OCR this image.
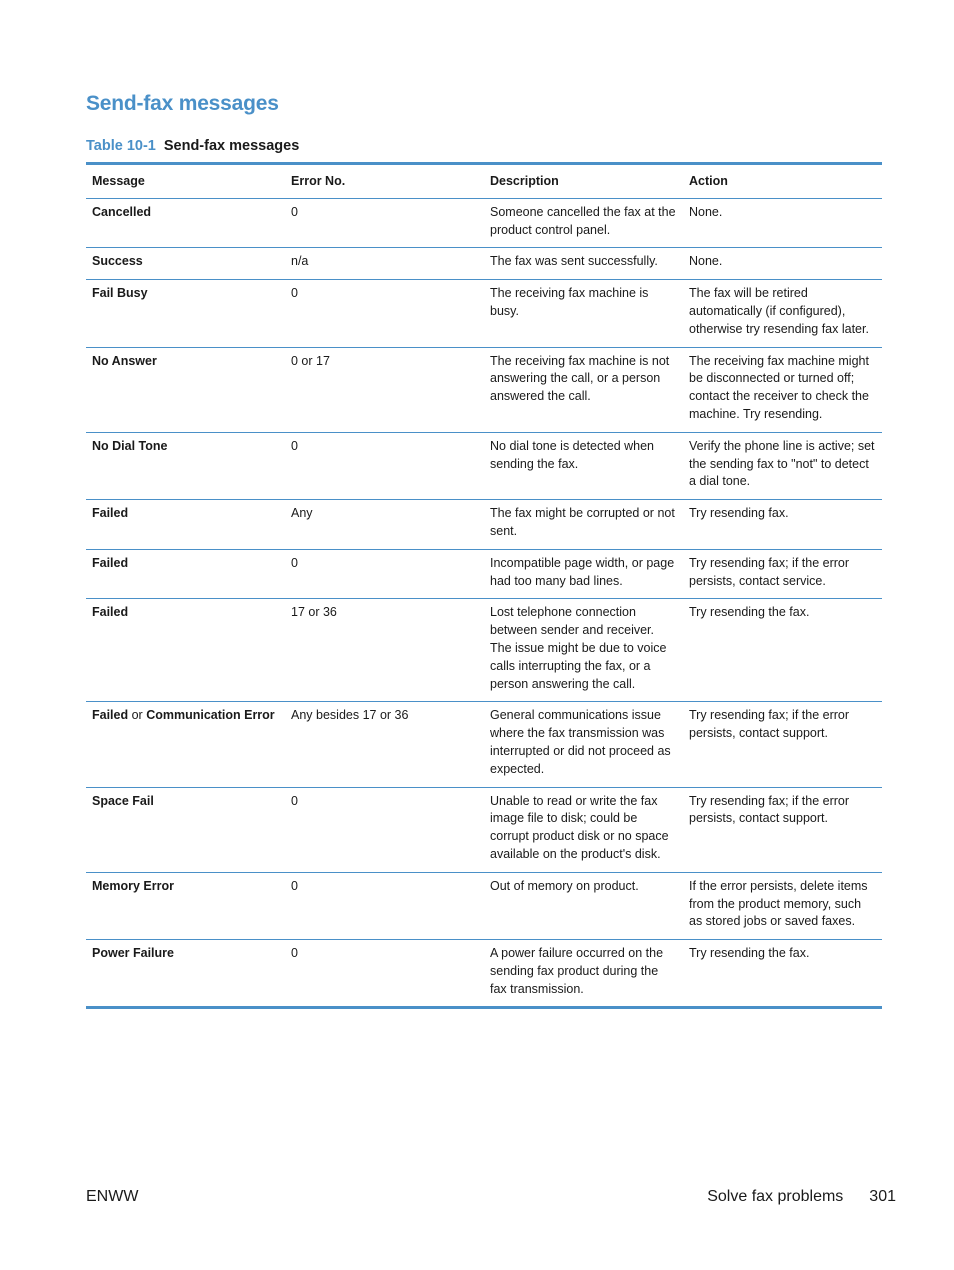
Send-fax messages
Table 10-1 Send-fax messages
Message	Error No.	Description	Action
Cancelled	0	Someone cancelled the fax at the product control panel.	None.
Success	n/a	The fax was sent successfully.	None.
Fail Busy	0	The receiving fax machine is busy.	The fax will be retired automatically (if configured), otherwise try resending fax later.
No Answer	0 or 17	The receiving fax machine is not answering the call, or a person answered the call.	The receiving fax machine might be disconnected or turned off; contact the receiver to check the machine. Try resending.
No Dial Tone	0	No dial tone is detected when sending the fax.	Verify the phone line is active; set the sending fax to "not" to detect a dial tone.
Failed	Any	The fax might be corrupted or not sent.	Try resending fax.
Failed	0	Incompatible page width, or page had too many bad lines.	Try resending fax; if the error persists, contact service.
Failed	17 or 36	Lost telephone connection between sender and receiver. The issue might be due to voice calls interrupting the fax, or a person answering the call.	Try resending the fax.
Failed or Communication Error	Any besides 17 or 36	General communications issue where the fax transmission was interrupted or did not proceed as expected.	Try resending fax; if the error persists, contact support.
Space Fail	0	Unable to read or write the fax image file to disk; could be corrupt product disk or no space available on the product's disk.	Try resending fax; if the error persists, contact support.
Memory Error	0	Out of memory on product.	If the error persists, delete items from the product memory, such as stored jobs or saved faxes.
Power Failure	0	A power failure occurred on the sending fax product during the fax transmission.	Try resending the fax.
ENWW	Solve fax problems 301
